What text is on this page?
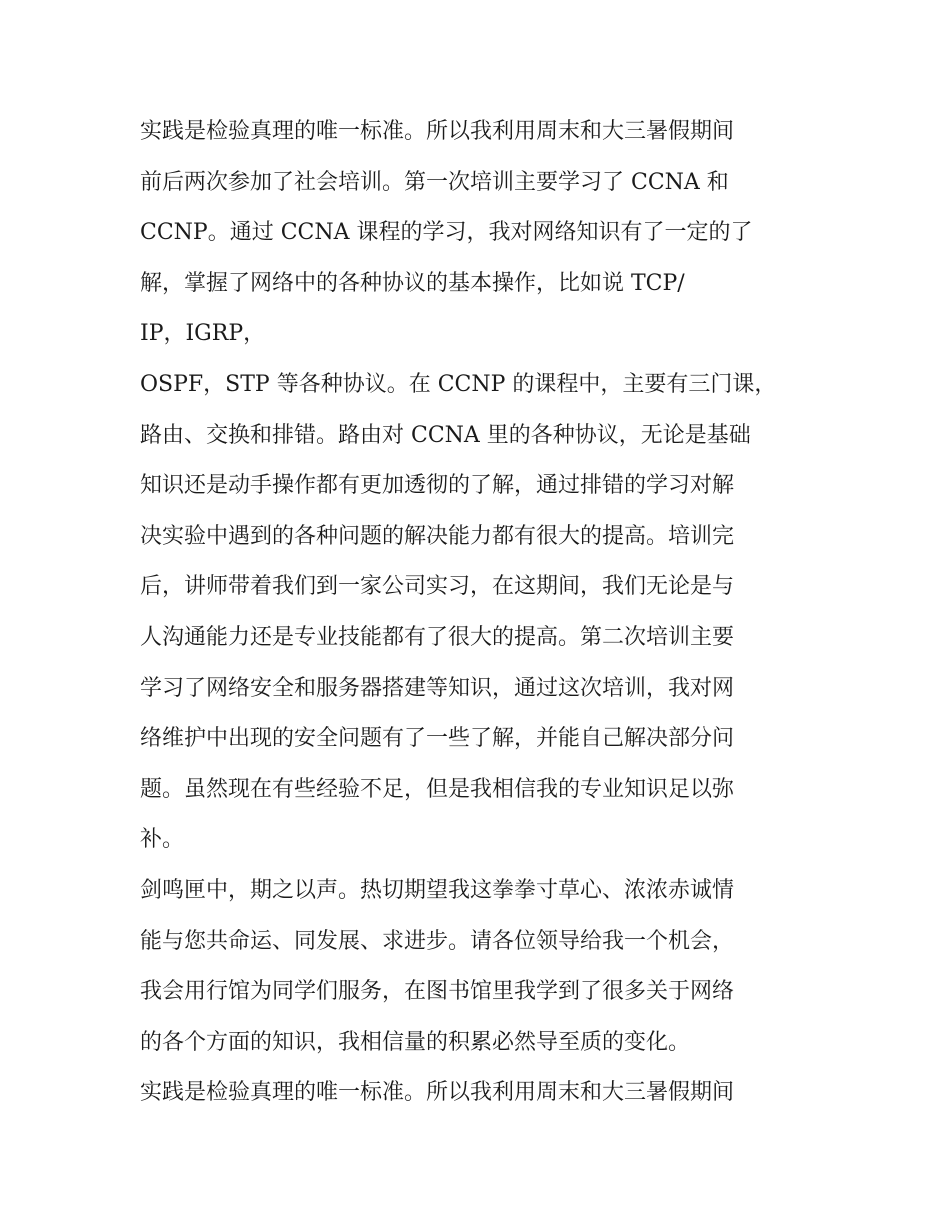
实践是检验真理的唯一标准。所以我利用周末和大三暑假期间
前后两次参加了社会培训。第一次培训主要学习了 CCNA 和
CCNP。通过 CCNA 课程的学习，我对网络知识有了一定的了
解，掌握了网络中的各种协议的基本操作，比如说 TCP/
IP，IGRP，
OSPF，STP 等各种协议。在 CCNP 的课程中，主要有三门课，
路由、交换和排错。路由对 CCNA 里的各种协议，无论是基础
知识还是动手操作都有更加透彻的了解，通过排错的学习对解
决实验中遇到的各种问题的解决能力都有很大的提高。培训完
后，讲师带着我们到一家公司实习，在这期间，我们无论是与
人沟通能力还是专业技能都有了很大的提高。第二次培训主要
学习了网络安全和服务器搭建等知识，通过这次培训，我对网
络维护中出现的安全问题有了一些了解，并能自己解决部分问
题。虽然现在有些经验不足，但是我相信我的专业知识足以弥
补。
剑鸣匣中，期之以声。热切期望我这拳拳寸草心、浓浓赤诚情
能与您共命运、同发展、求进步。请各位领导给我一个机会，
我会用行馆为同学们服务，在图书馆里我学到了很多关于网络
的各个方面的知识，我相信量的积累必然导至质的变化。
实践是检验真理的唯一标准。所以我利用周末和大三暑假期间
